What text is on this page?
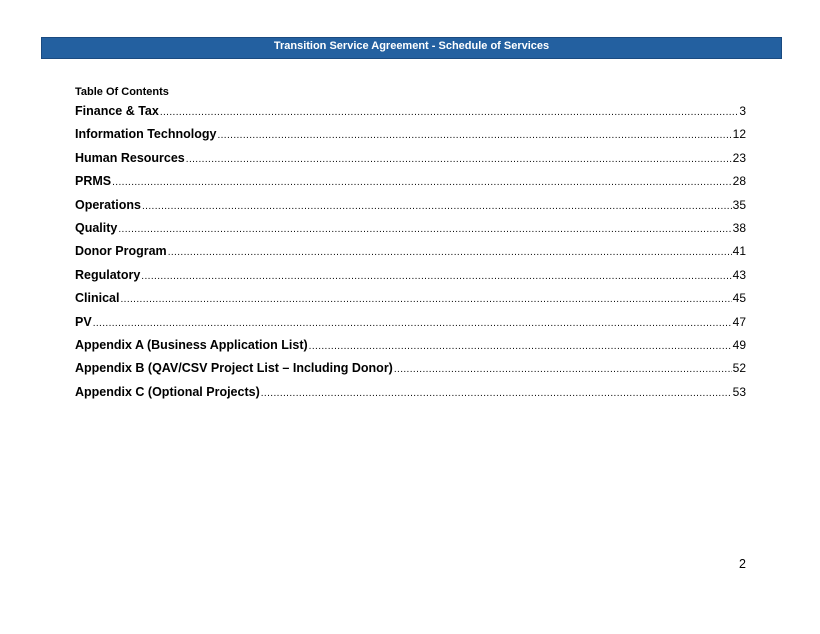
Transition Service Agreement - Schedule of Services
Table Of Contents
Finance & Tax .....	3
Information Technology .....	12
Human Resources .....	23
PRMS .....	28
Operations .....	35
Quality .....	38
Donor Program .....	41
Regulatory .....	43
Clinical .....	45
PV .....	47
Appendix A (Business Application List) .....	49
Appendix B (QAV/CSV Project List – Including Donor) .....	52
Appendix C (Optional Projects) .....	53
2
